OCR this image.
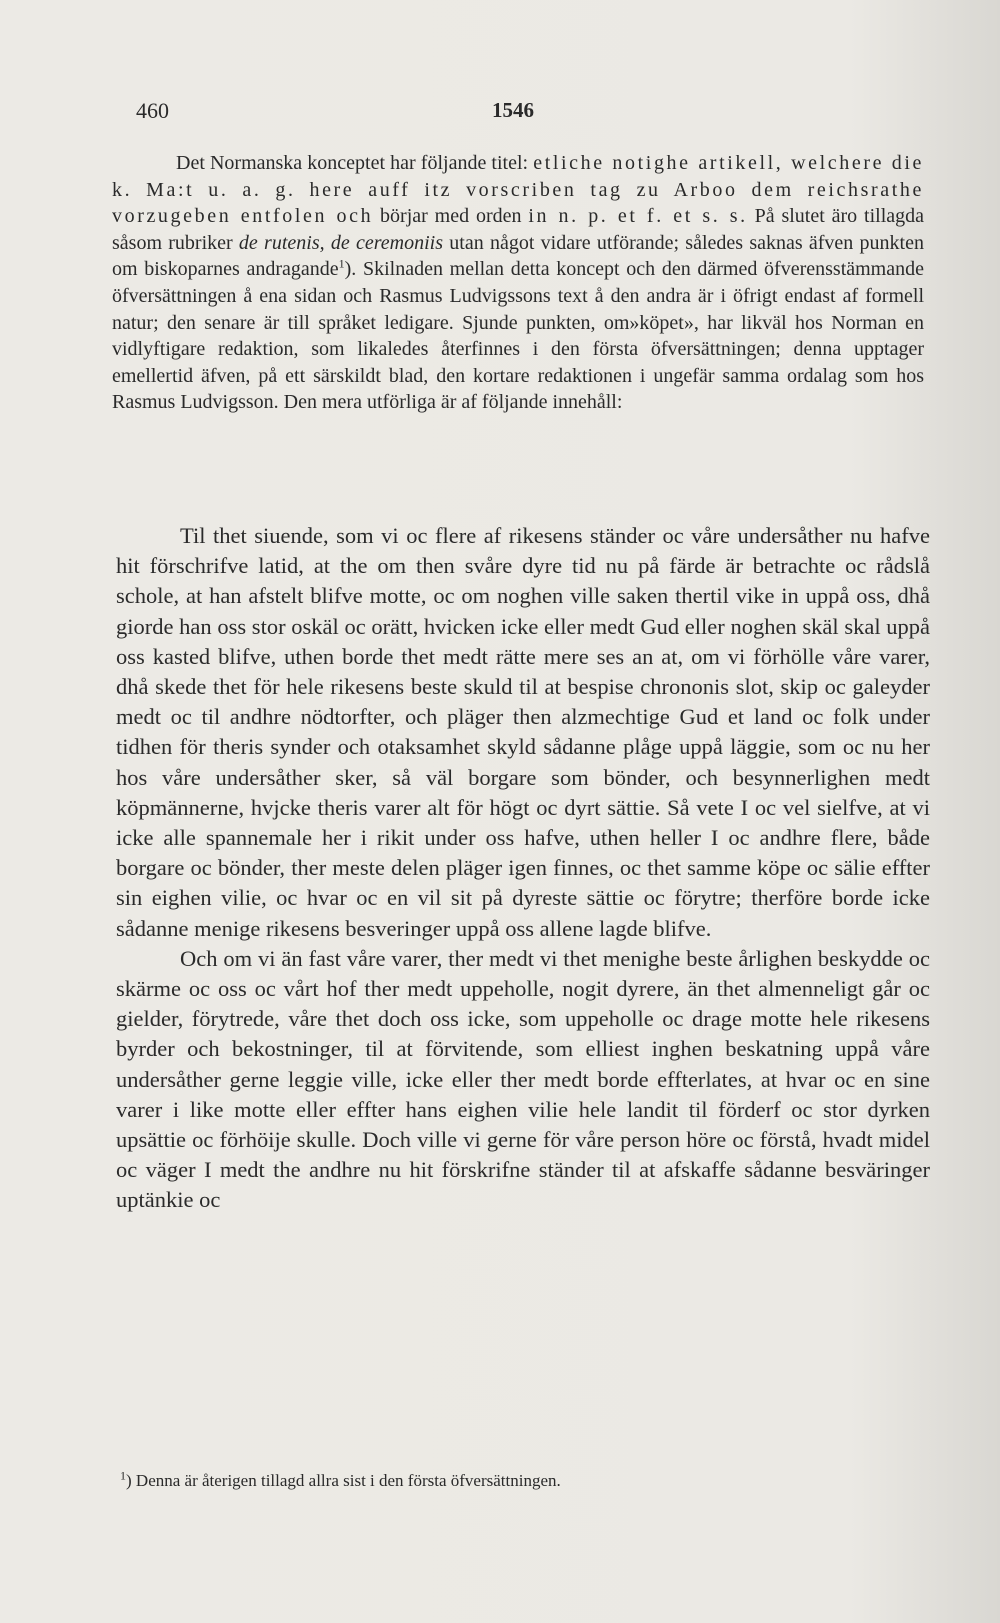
460	1546

Det Normanska konceptet har följande titel: etliche notighe artikell, welchere die k. Ma:t u. a. g. here auff itz vorscriben tag zu Arboo dem reichsrathe vorzugeben entfolen och börjar med orden in n. p. et f. et s. s. På slutet äro tillagda såsom rubriker de rutenis, de ceremoniis utan något vidare utförande; således saknas äfven punkten om biskoparnes andragande$^1$). Skilnaden mellan detta koncept och den därmed öfverensstämmande öfversättningen å ena sidan och Rasmus Ludvigssons text å den andra är i öfrigt endast af formell natur; den senare är till språket ledigare. Sjunde punkten, om»köpet», har likväl hos Norman en vidlyftigare redaktion, som likaledes återfinnes i den första öfversättningen; denna upptager emellertid äfven, på ett särskildt blad, den kortare redaktionen i ungefär samma ordalag som hos Rasmus Ludvigsson. Den mera utförliga är af följande innehåll:

Til thet siuende, som vi oc flere af rikesens ständer oc våre undersåther nu hafve hit förschrifve latid, at the om then svåre dyre tid nu på färde är betrachte oc rådslå schole, at han afstelt blifve motte, oc om noghen ville saken thertil vike in uppå oss, dhå giorde han oss stor oskäl oc orätt, hvicken icke eller medt Gud eller noghen skäl skal uppå oss kasted blifve, uthen borde thet medt rätte mere ses an at, om vi förhölle våre varer, dhå skede thet för hele rikesens beste skuld til at bespise chrononis slot, skip oc galeyder medt oc til andhre nödtorfter, och pläger then alzmechtige Gud et land oc folk under tidhen för theris synder och otaksamhet skyld sådanne plåge uppå läggie, som oc nu her hos våre undersåther sker, så väl borgare som bönder, och besynnerlighen medt köpmännerne, hvjcke theris varer alt för högt oc dyrt sättie. Så vete I oc vel sielfve, at vi icke alle spannemale her i rikit under oss hafve, uthen heller I oc andhre flere, både borgare oc bönder, ther meste delen pläger igen finnes, oc thet samme köpe oc sälie effter sin eighen vilie, oc hvar oc en vil sit på dyreste sättie oc förytre; therföre borde icke sådanne menige rikesens besveringer uppå oss allene lagde blifve.

Och om vi än fast våre varer, ther medt vi thet menighe beste årlighen beskydde oc skärme oc oss oc vårt hof ther medt uppeholle, nogit dyrere, än thet almenneligt går oc gielder, förytrede, våre thet doch oss icke, som uppeholle oc drage motte hele rikesens byrder och bekostninger, til at förvitende, som elliest inghen beskatning uppå våre undersåther gerne leggie ville, icke eller ther medt borde effterlates, at hvar oc en sine varer i like motte eller effter hans eighen vilie hele landit til förderf oc stor dyrken upsättie oc förhöije skulle. Doch ville vi gerne för våre person höre oc förstå, hvadt midel oc väger I medt the andhre nu hit förskrifne ständer til at afskaffe sådanne besväringer uptänkie oc

$^1$) Denna är återigen tillagd allra sist i den första öfversättningen.
